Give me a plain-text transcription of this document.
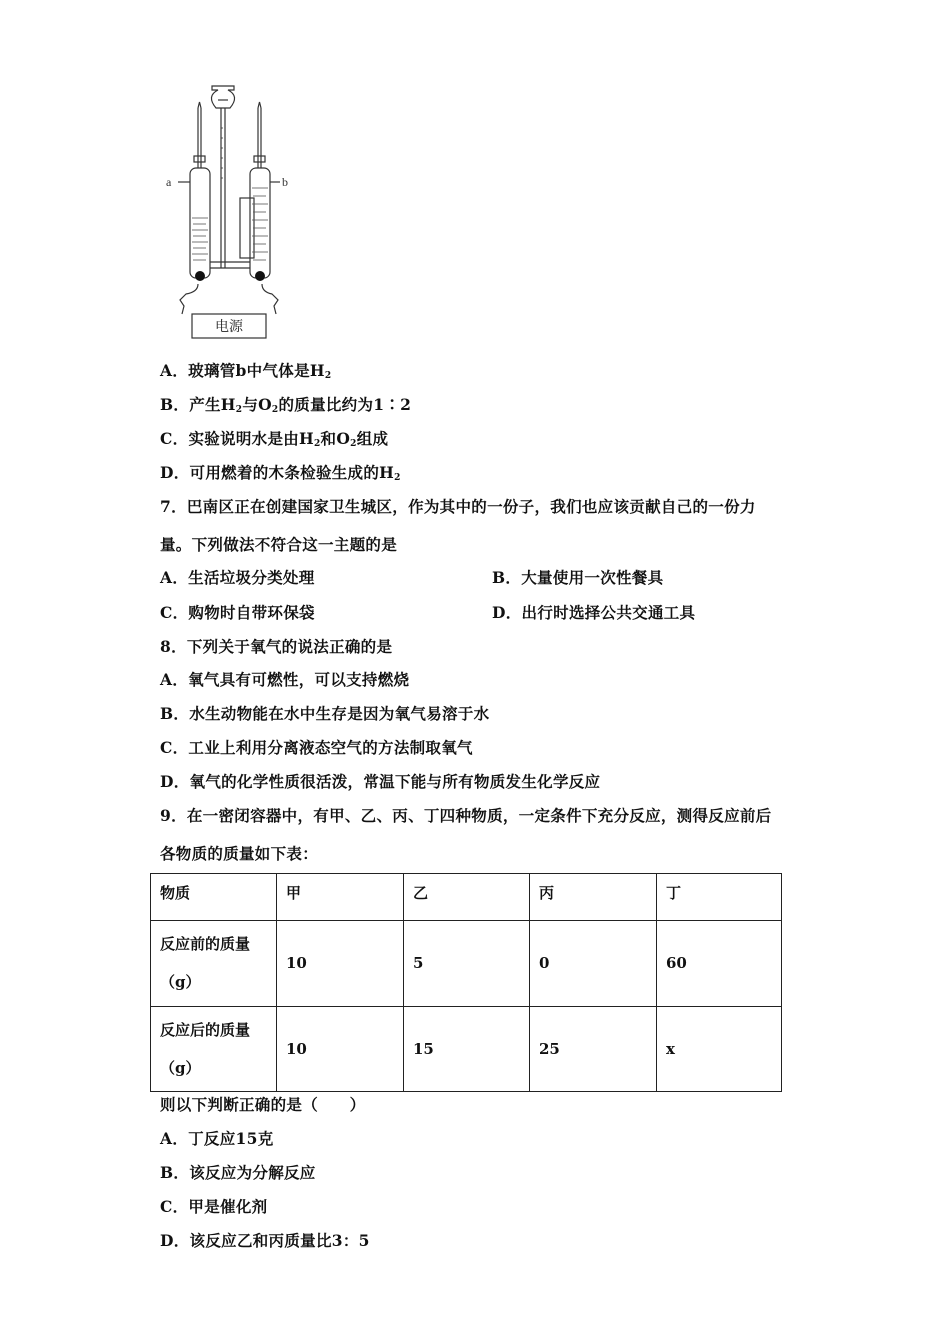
a	b
电源
A．玻璃管b中气体是$H_2$
B．产生$H_2$与$O_2$的质量比约为1∶2
C．实验说明水是由$H_2$和$O_2$组成
D．可用燃着的木条检验生成的$H_2$
7．巴南区正在创建国家卫生城区，作为其中的一份子，我们也应该贡献自己的一份力
量。下列做法不符合这一主题的是
A．生活垃圾分类处理	B．大量使用一次性餐具
C．购物时自带环保袋	D．出行时选择公共交通工具
8．下列关于氧气的说法正确的是
A．氧气具有可燃性，可以支持燃烧
B．水生动物能在水中生存是因为氧气易溶于水
C．工业上利用分离液态空气的方法制取氧气
D．氧气的化学性质很活泼，常温下能与所有物质发生化学反应
9．在一密闭容器中，有甲、乙、丙、丁四种物质，一定条件下充分反应，测得反应前后
各物质的质量如下表：
物质	甲	乙	丙	丁

反应前的质量
（g）	10	5	0	60

反应后的质量
（g）	10	15	25	x
则以下判断正确的是（　　）
A．丁反应15克
B．该反应为分解反应
C．甲是催化剂
D．该反应乙和丙质量比3：5
